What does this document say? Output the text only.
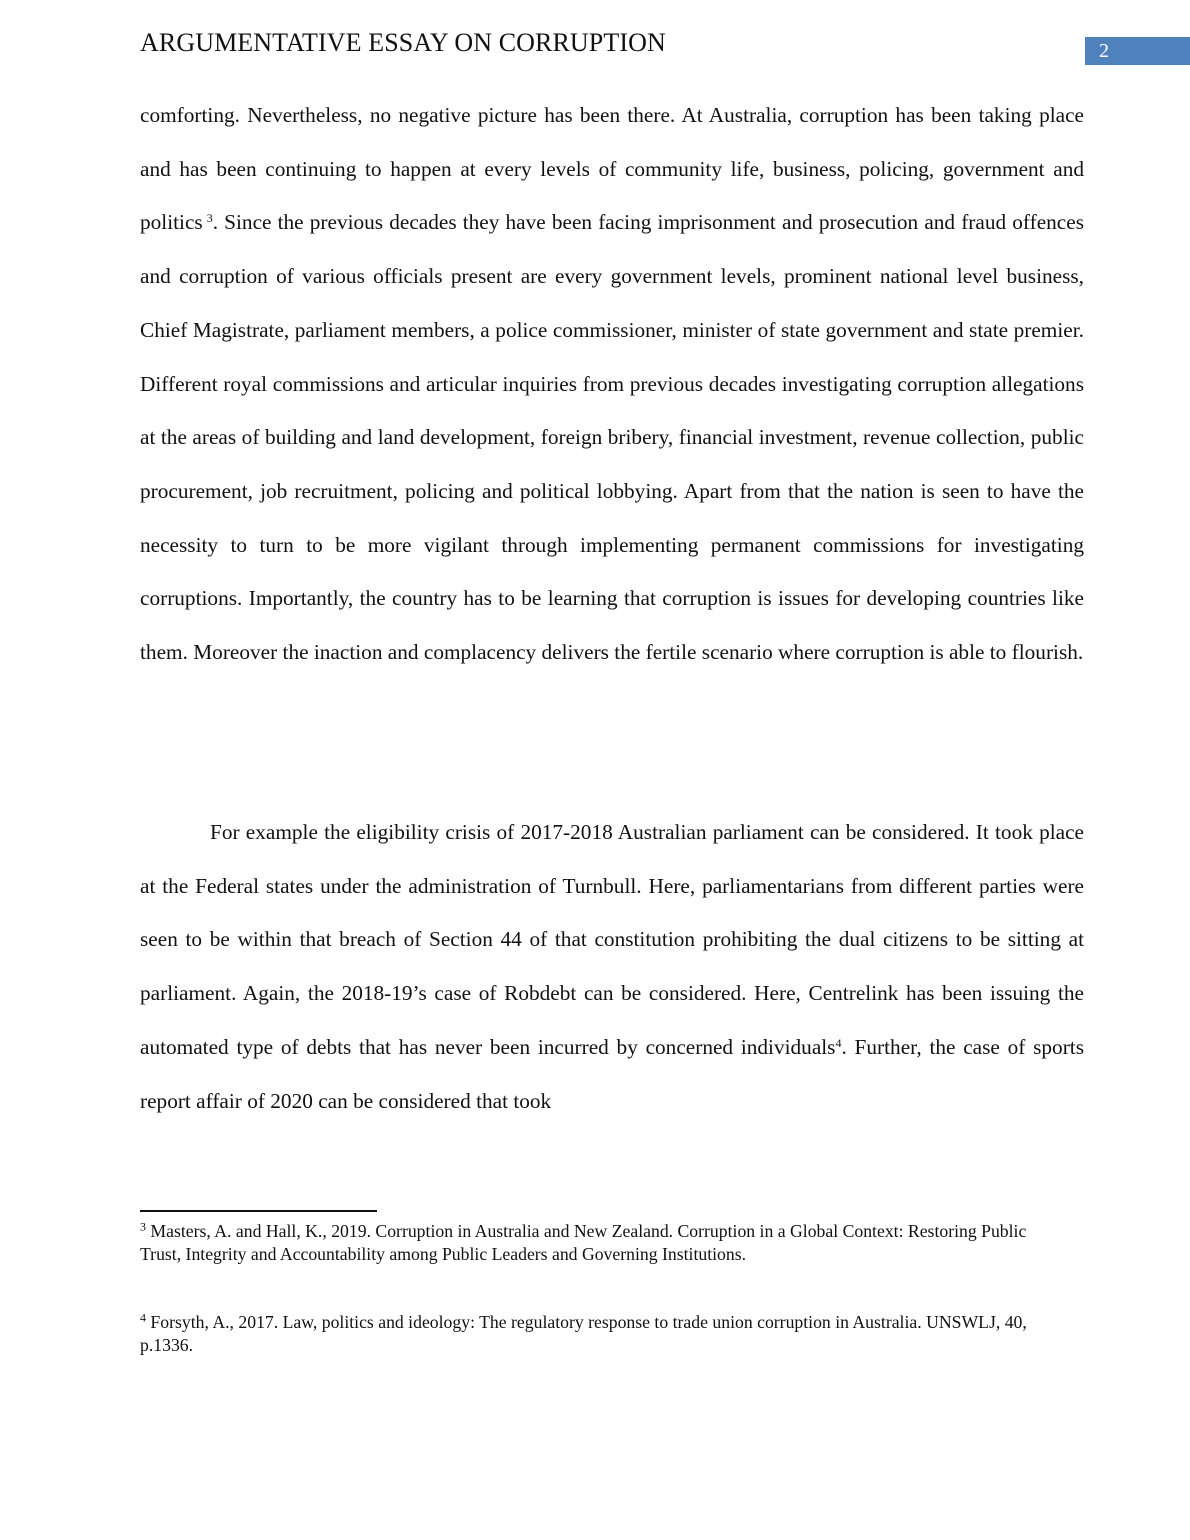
ARGUMENTATIVE ESSAY ON CORRUPTION	2

comforting. Nevertheless, no negative picture has been there. At Australia, corruption has been taking place and has been continuing to happen at every levels of community life, business, policing, government and politics $^3$. Since the previous decades they have been facing imprisonment and prosecution and fraud offences and corruption of various officials present are every government levels, prominent national level business, Chief Magistrate, parliament members, a police commissioner, minister of state government and state premier. Different royal commissions and articular inquiries from previous decades investigating corruption allegations at the areas of building and land development, foreign bribery, financial investment, revenue collection, public procurement, job recruitment, policing and political lobbying. Apart from that the nation is seen to have the necessity to turn to be more vigilant through implementing permanent commissions for investigating corruptions. Importantly, the country has to be learning that corruption is issues for developing countries like them. Moreover the inaction and complacency delivers the fertile scenario where corruption is able to flourish.

For example the eligibility crisis of 2017-2018 Australian parliament can be considered. It took place at the Federal states under the administration of Turnbull. Here, parliamentarians from different parties were seen to be within that breach of Section 44 of that constitution prohibiting the dual citizens to be sitting at parliament. Again, the 2018-19’s case of Robdebt can be considered. Here, Centrelink has been issuing the automated type of debts that has never been incurred by concerned individuals$^4$. Further, the case of sports report affair of 2020 can be considered that took

$^3$ Masters, A. and Hall, K., 2019. Corruption in Australia and New Zealand. Corruption in a Global Context: Restoring Public Trust, Integrity and Accountability among Public Leaders and Governing Institutions.

$^4$ Forsyth, A., 2017. Law, politics and ideology: The regulatory response to trade union corruption in Australia. UNSWLJ, 40, p.1336.
